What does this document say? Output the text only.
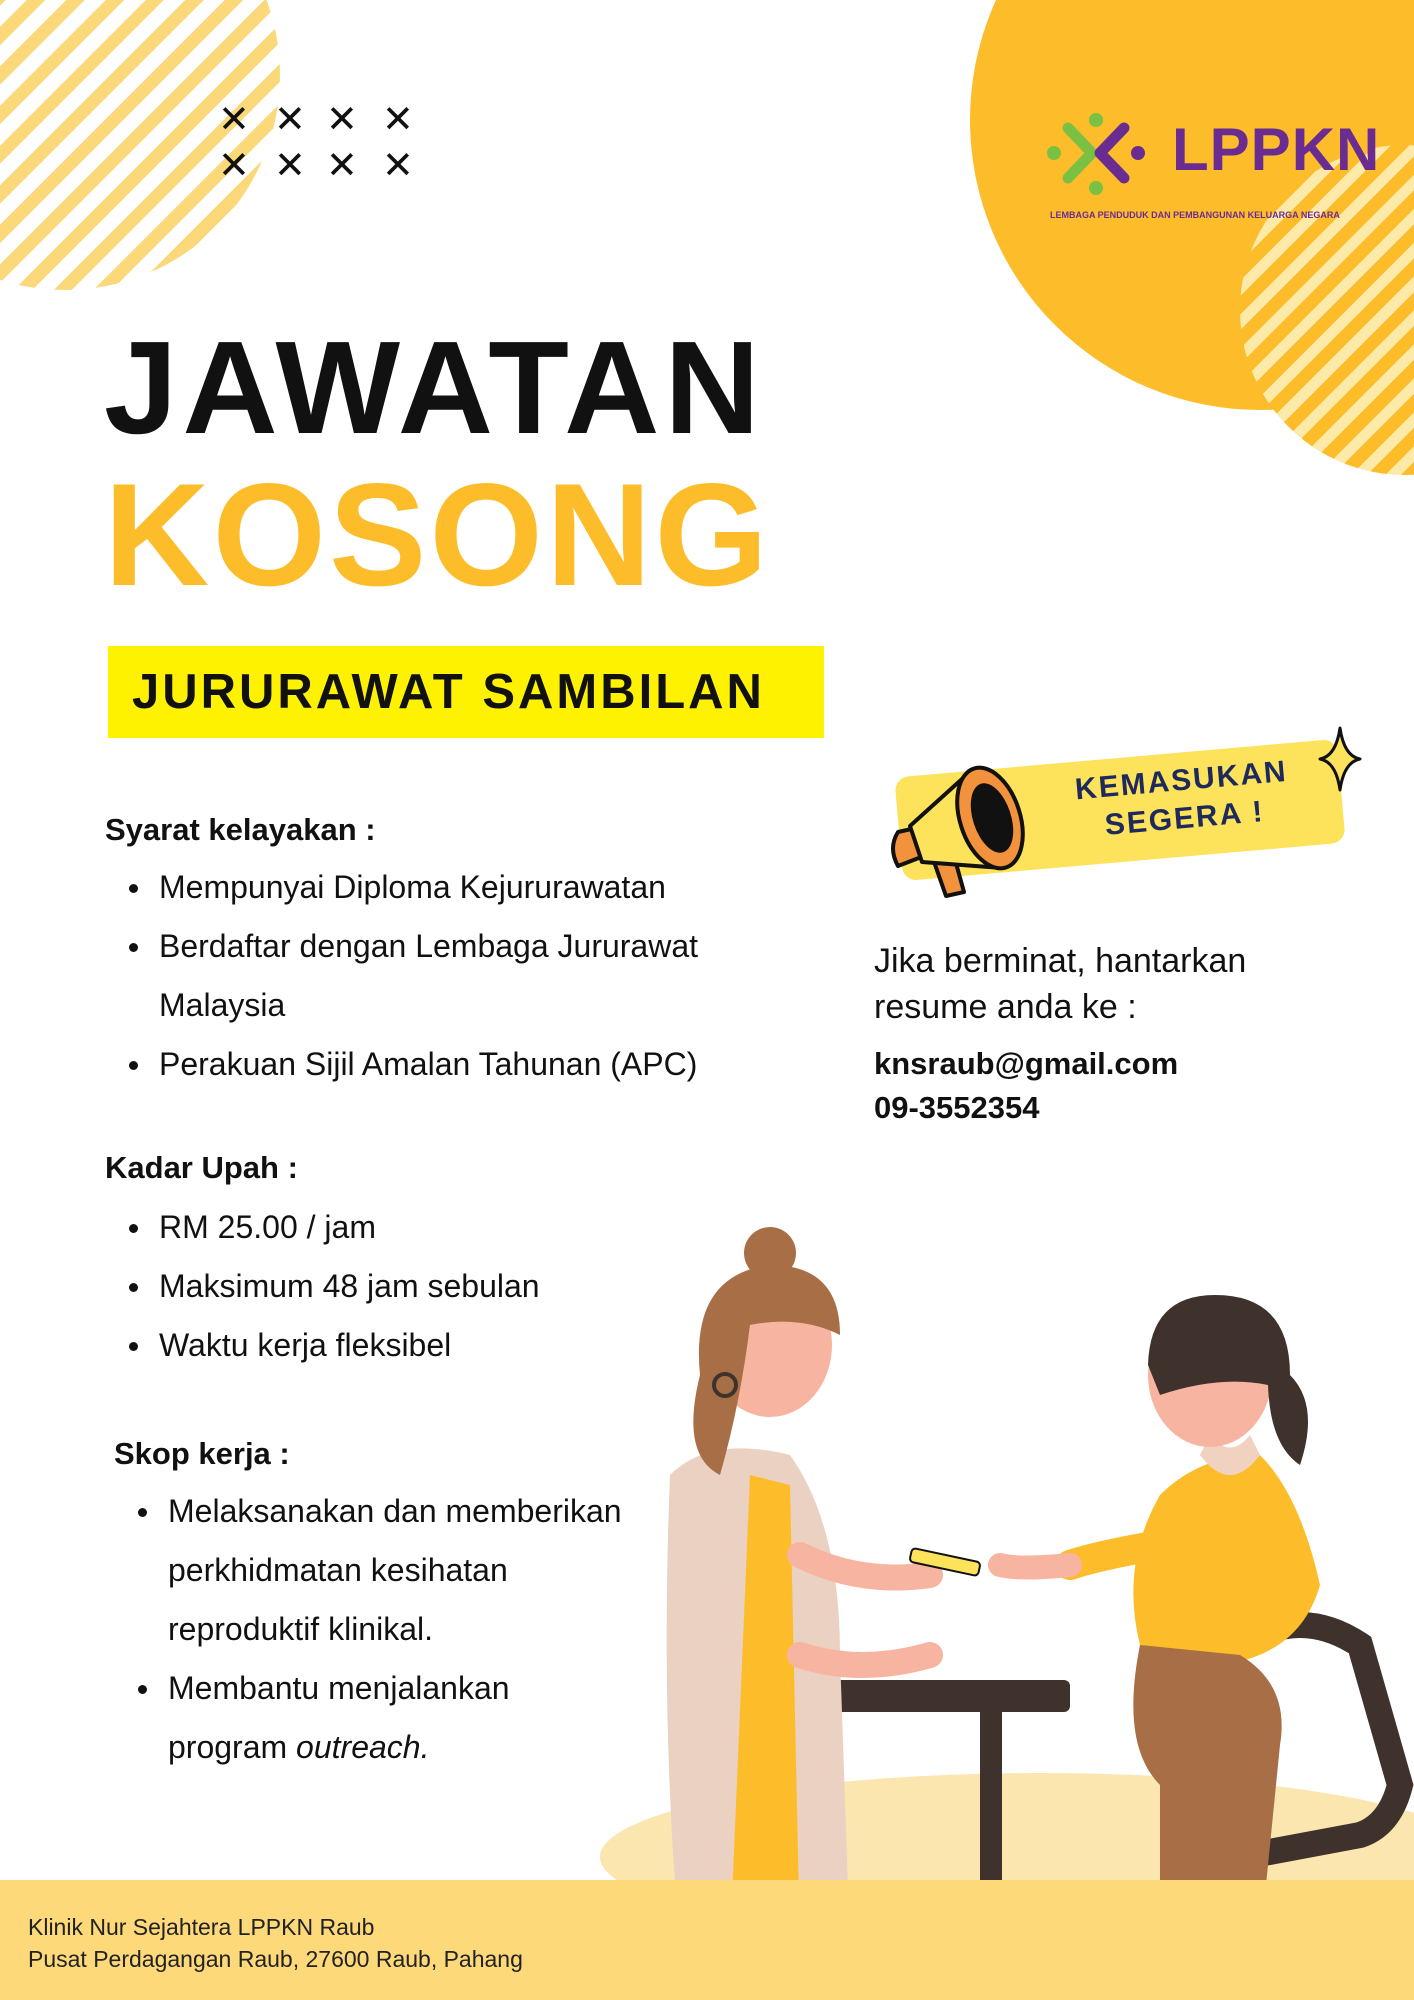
✕ ✕ ✕ ✕
✕ ✕ ✕ ✕	LPPKN
LEMBAGA PENDUDUK DAN PEMBANGUNAN KELUARGA NEGARA
JAWATAN
KOSONG
JURURAWAT SAMBILAN
Syarat kelayakan :
Mempunyai Diploma Kejururawatan
Berdaftar dengan Lembaga Jururawat Malaysia
Perakuan Sijil Amalan Tahunan (APC)
Kadar Upah :
RM 25.00 / jam
Maksimum 48 jam sebulan
Waktu kerja fleksibel
Skop kerja :
Melaksanakan dan memberikan perkhidmatan kesihatan reproduktif klinikal.
Membantu menjalankan program outreach.
KEMASUKAN
SEGERA !

Jika berminat, hantarkan resume anda ke :

knsraub@gmail.com
09-3552354
Klinik Nur Sejahtera LPPKN Raub
Pusat Perdagangan Raub, 27600 Raub, Pahang
